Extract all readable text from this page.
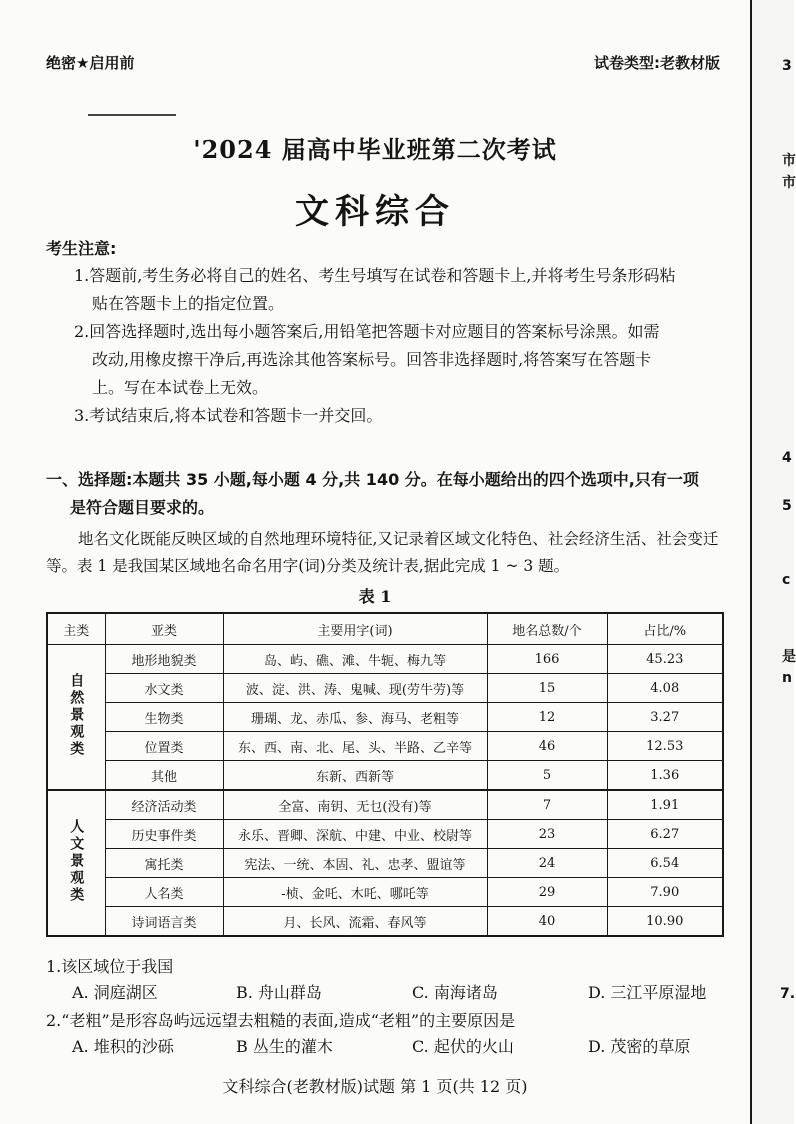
绝密★启用前	试卷类型:老教材版
'2024 届高中毕业班第二次考试
文科综合
考生注意:
1.答题前,考生务必将自己的姓名、考生号填写在试卷和答题卡上,并将考生号条形码粘
贴在答题卡上的指定位置。
2.回答选择题时,选出每小题答案后,用铅笔把答题卡对应题目的答案标号涂黑。如需
改动,用橡皮擦干净后,再选涂其他答案标号。回答非选择题时,将答案写在答题卡
上。写在本试卷上无效。
3.考试结束后,将本试卷和答题卡一并交回。
一、选择题:本题共 35 小题,每小题 4 分,共 140 分。在每小题给出的四个选项中,只有一项
是符合题目要求的。
地名文化既能反映区域的自然地理环境特征,又记录着区域文化特色、社会经济生活、社会变迁等。表 1 是我国某区域地名命名用字(词)分类及统计表,据此完成 1 ~ 3 题。
表 1
主类	亚类	主要用字(词)	地名总数/个	占比/%
自然景观类	地形地貌类	岛、屿、礁、滩、牛轭、梅九等	166	45.23
	水文类	波、淀、洪、涛、鬼喊、现(劳牛劳)等	15	4.08
	生物类	珊瑚、龙、赤瓜、参、海马、老粗等	12	3.27
	位置类	东、西、南、北、尾、头、半路、乙辛等	46	12.53
	其他	东新、西新等	5	1.36
人文景观类	经济活动类	全富、南钥、无乜(没有)等	7	1.91
	历史事件类	永乐、晋卿、深航、中建、中业、校尉等	23	6.27
	寓托类	宪法、一统、本固、礼、忠孝、盟谊等	24	6.54
	人名类	-桢、金吒、木吒、哪吒等	29	7.90
	诗词语言类	月、长风、流霜、春风等	40	10.90
1.该区域位于我国
A. 洞庭湖区	B. 舟山群岛	C. 南海诸岛	D. 三江平原湿地
2.“老粗”是形容岛屿远远望去粗糙的表面,造成“老粗”的主要原因是
A. 堆积的沙砾	B 丛生的灌木	C. 起伏的火山	D. 茂密的草原
文科综合(老教材版)试题 第 1 页(共 12 页)
3
市
市
4
5
c
是
n
7.
